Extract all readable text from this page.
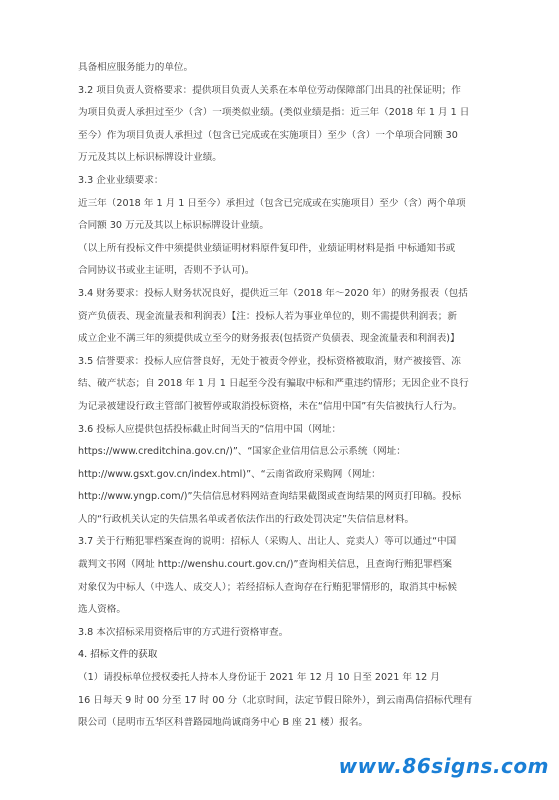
具备相应服务能力的单位。

3.2 项目负责人资格要求：提供项目负责人关系在本单位劳动保障部门出具的社保证明；作

为项目负责人承担过至少（含）一项类似业绩。(类似业绩是指：近三年（2018 年 1 月 1 日

至今）作为项目负责人承担过（包含已完成或在实施项目）至少（含）一个单项合同额 30

万元及其以上标识标牌设计业绩。

3.3 企业业绩要求：

近三年（2018 年 1 月 1 日至今）承担过（包含已完成或在实施项目）至少（含）两个单项

合同额 30 万元及其以上标识标牌设计业绩。

（以上所有投标文件中须提供业绩证明材料原件复印件，业绩证明材料是指 中标通知书或

合同协议书或业主证明，否则不予认可)。

3.4 财务要求：投标人财务状况良好，提供近三年（2018 年～2020 年）的财务报表（包括

资产负债表、现金流量表和利润表）【注：投标人若为事业单位的，则不需提供利润表；新

成立企业不满三年的须提供成立至今的财务报表(包括资产负债表、现金流量表和利润表)】

3.5 信誉要求：投标人应信誉良好，无处于被责令停业，投标资格被取消，财产被接管、冻

结、破产状态；自 2018 年 1 月 1 日起至今没有骗取中标和严重违约情形；无因企业不良行

为记录被建设行政主管部门被暂停或取消投标资格，未在“信用中国”有失信被执行人行为。

3.6 投标人应提供包括投标截止时间当天的“信用中国（网址：

https://www.creditchina.gov.cn/)”、“国家企业信用信息公示系统（网址：

http://www.gsxt.gov.cn/index.html)”、“云南省政府采购网（网址：

http://www.yngp.com/)”失信信息材料网站查询结果截图或查询结果的网页打印稿。投标

人的“行政机关认定的失信黑名单或者依法作出的行政处罚决定”失信信息材料。

3.7 关于行贿犯罪档案查询的说明：招标人（采购人、出让人、竞卖人）等可以通过“中国

裁判文书网（网址 http://wenshu.court.gov.cn/)”查询相关信息，且查询行贿犯罪档案

对象仅为中标人（中选人、成交人）；若经招标人查询存在行贿犯罪情形的，取消其中标候

选人资格。

3.8 本次招标采用资格后审的方式进行资格审查。

4. 招标文件的获取

（1）请投标单位授权委托人持本人身份证于 2021 年 12 月 10 日至 2021 年 12 月

16 日每天 9 时 00 分至 17 时 00 分（北京时间，法定节假日除外），到云南禹信招标代理有

限公司（昆明市五华区科普路园地尚诚商务中心 B 座 21 楼）报名。

www.86signs.com
